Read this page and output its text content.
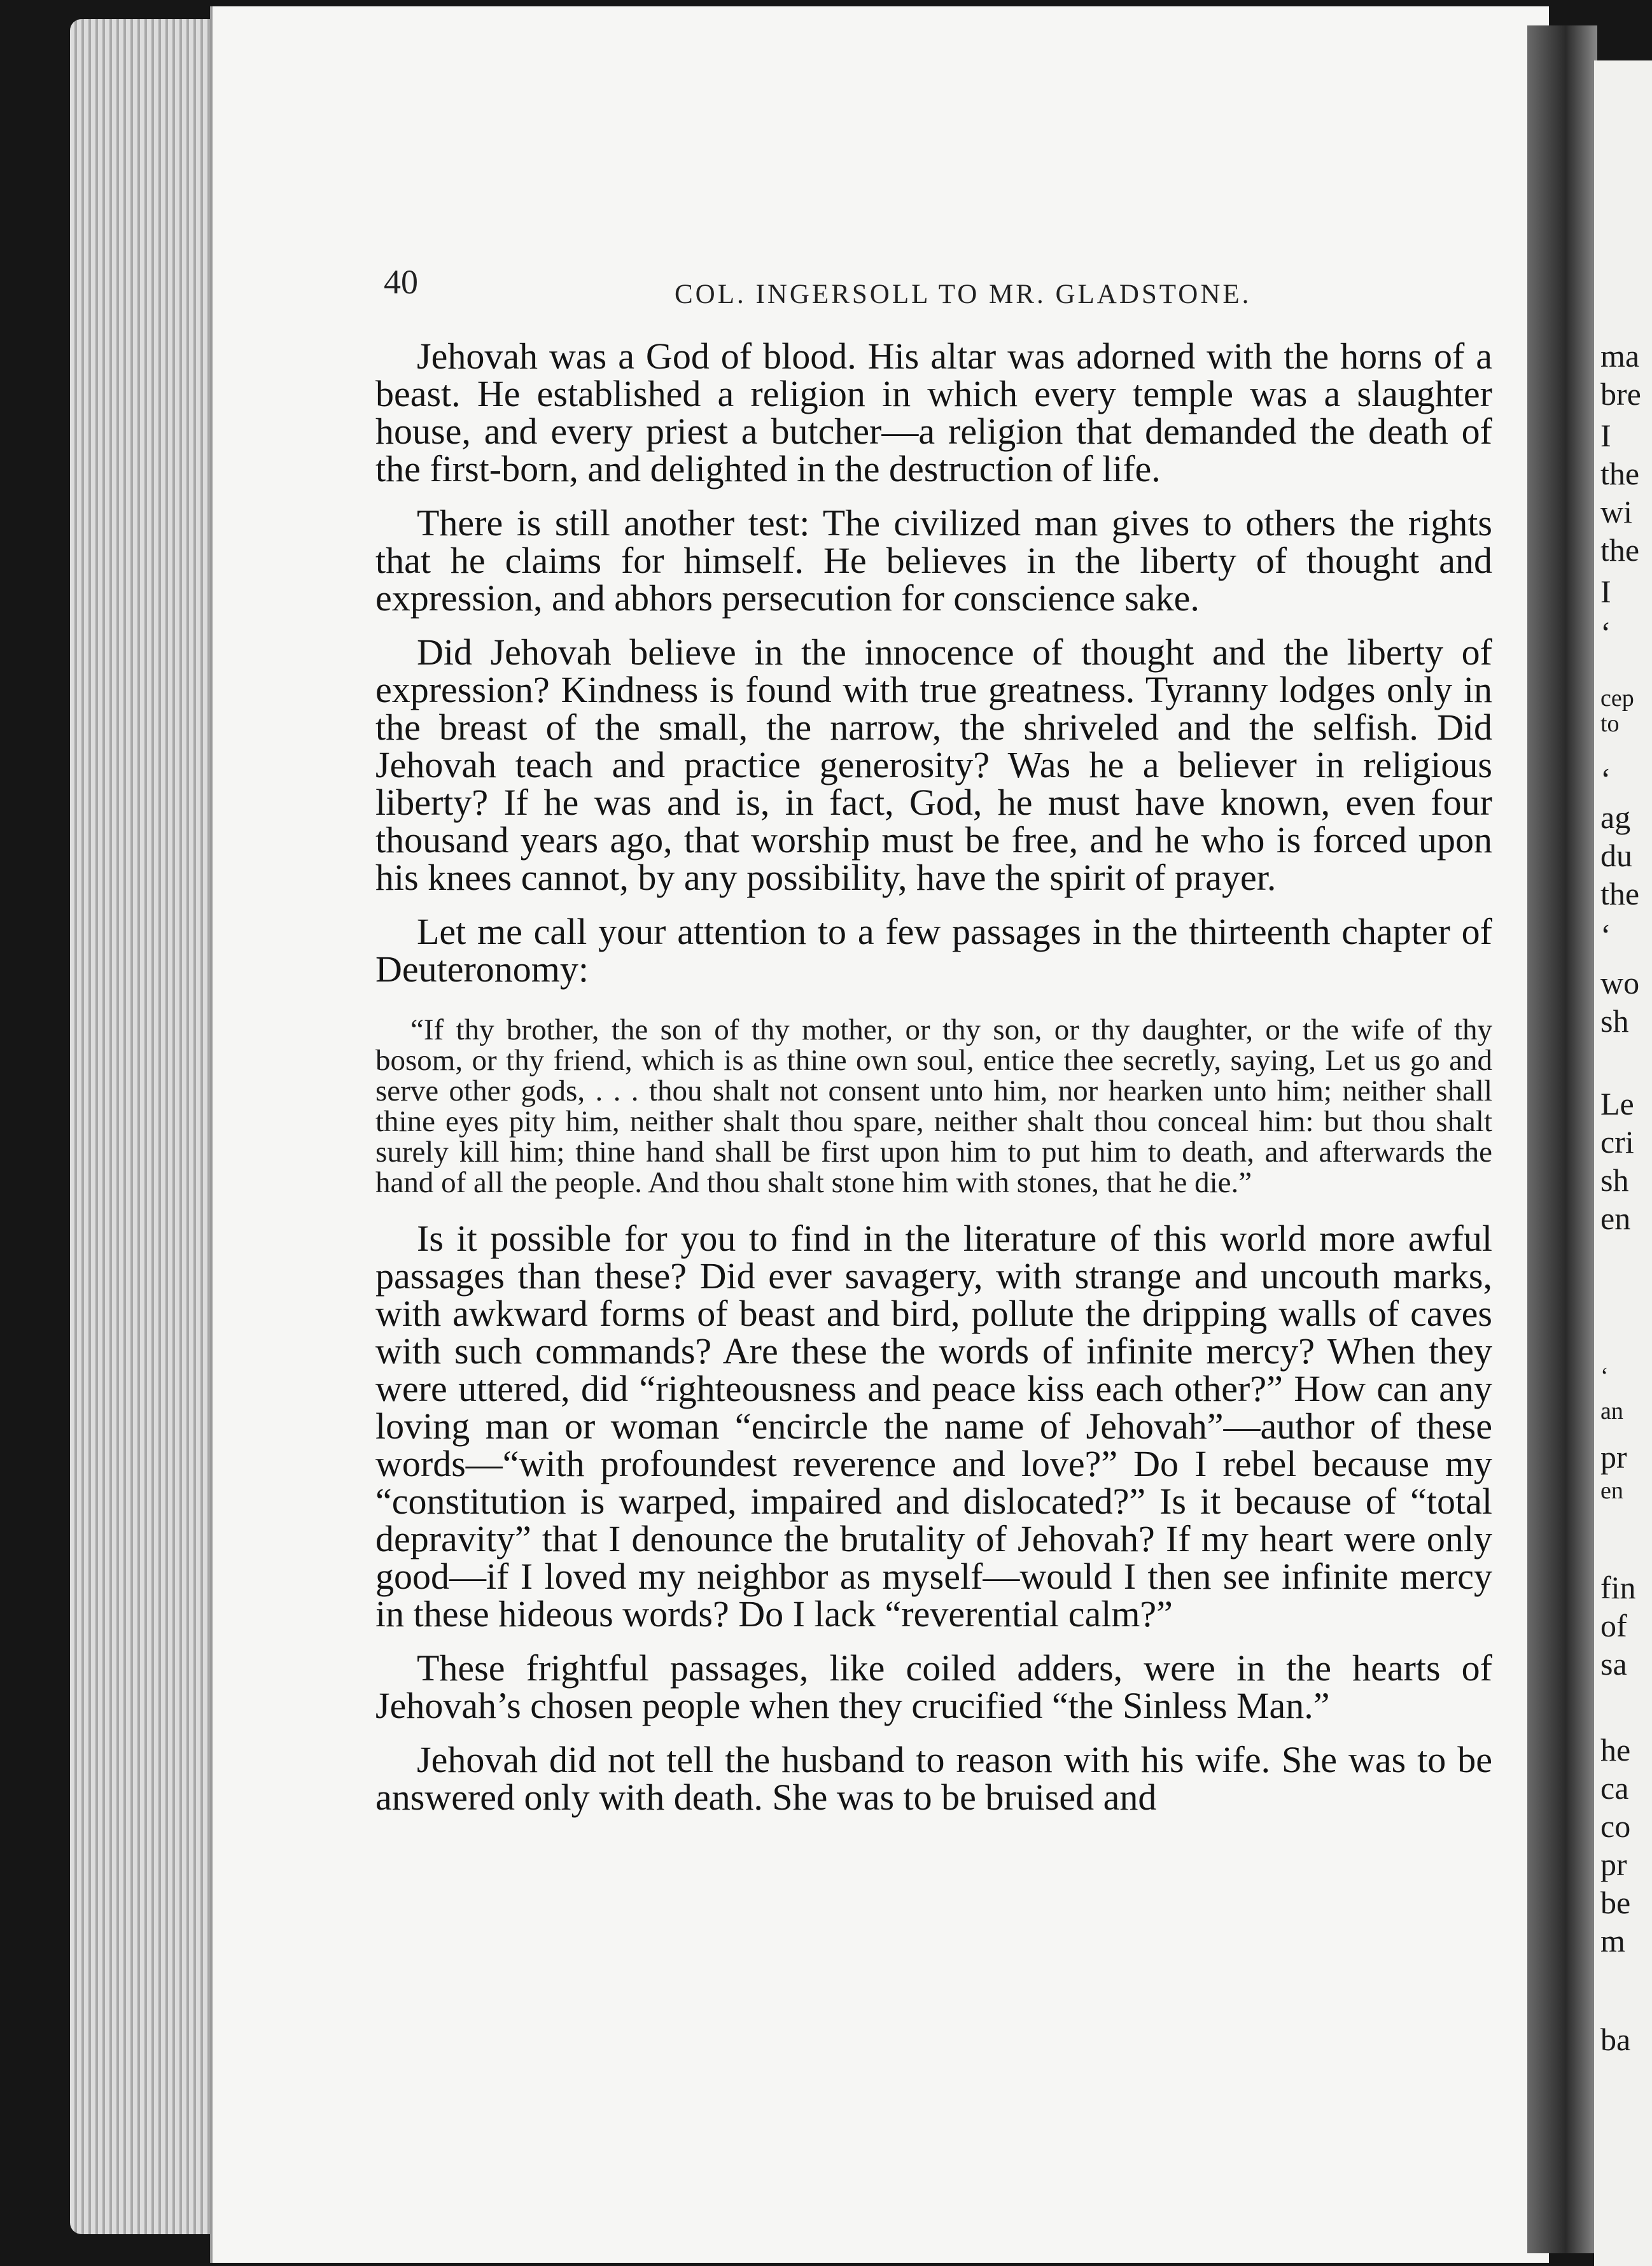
40	COL. INGERSOLL TO MR. GLADSTONE.

Jehovah was a God of blood. His altar was adorned with the horns of a beast. He established a religion in which every temple was a slaughter house, and every priest a butcher—a religion that demanded the death of the first-born, and delighted in the destruction of life.

There is still another test: The civilized man gives to others the rights that he claims for himself. He believes in the liberty of thought and expression, and abhors persecution for conscience sake.

Did Jehovah believe in the innocence of thought and the liberty of expression? Kindness is found with true greatness. Tyranny lodges only in the breast of the small, the narrow, the shriveled and the selfish. Did Jehovah teach and practice generosity? Was he a believer in religious liberty? If he was and is, in fact, God, he must have known, even four thousand years ago, that worship must be free, and he who is forced upon his knees cannot, by any possibility, have the spirit of prayer.

Let me call your attention to a few passages in the thirteenth chapter of Deuteronomy:

“If thy brother, the son of thy mother, or thy son, or thy daughter, or the wife of thy bosom, or thy friend, which is as thine own soul, entice thee secretly, saying, Let us go and serve other gods, . . . thou shalt not consent unto him, nor hearken unto him; neither shall thine eyes pity him, neither shalt thou spare, neither shalt thou conceal him: but thou shalt surely kill him; thine hand shall be first upon him to put him to death, and afterwards the hand of all the people. And thou shalt stone him with stones, that he die.”

Is it possible for you to find in the literature of this world more awful passages than these? Did ever savagery, with strange and uncouth marks, with awkward forms of beast and bird, pollute the dripping walls of caves with such commands? Are these the words of infinite mercy? When they were uttered, did “righteousness and peace kiss each other?” How can any loving man or woman “encircle the name of Jehovah”—author of these words—“with profoundest reverence and love?” Do I rebel because my “constitution is warped, impaired and dislocated?” Is it because of “total depravity” that I denounce the brutality of Jehovah? If my heart were only good—if I loved my neighbor as myself—would I then see infinite mercy in these hideous words? Do I lack “reverential calm?”

These frightful passages, like coiled adders, were in the hearts of Jehovah’s chosen people when they crucified “the Sinless Man.”

Jehovah did not tell the husband to reason with his wife. She was to be answered only with death. She was to be bruised and

ma
bre
I
the
wi
the
I
‘
cep
to
‘
ag
du
the
‘
wo
sh
Le
cri
sh
en
‘
an
pr
en
fin
of
sa
he
ca
co
pr
be
m
ba
